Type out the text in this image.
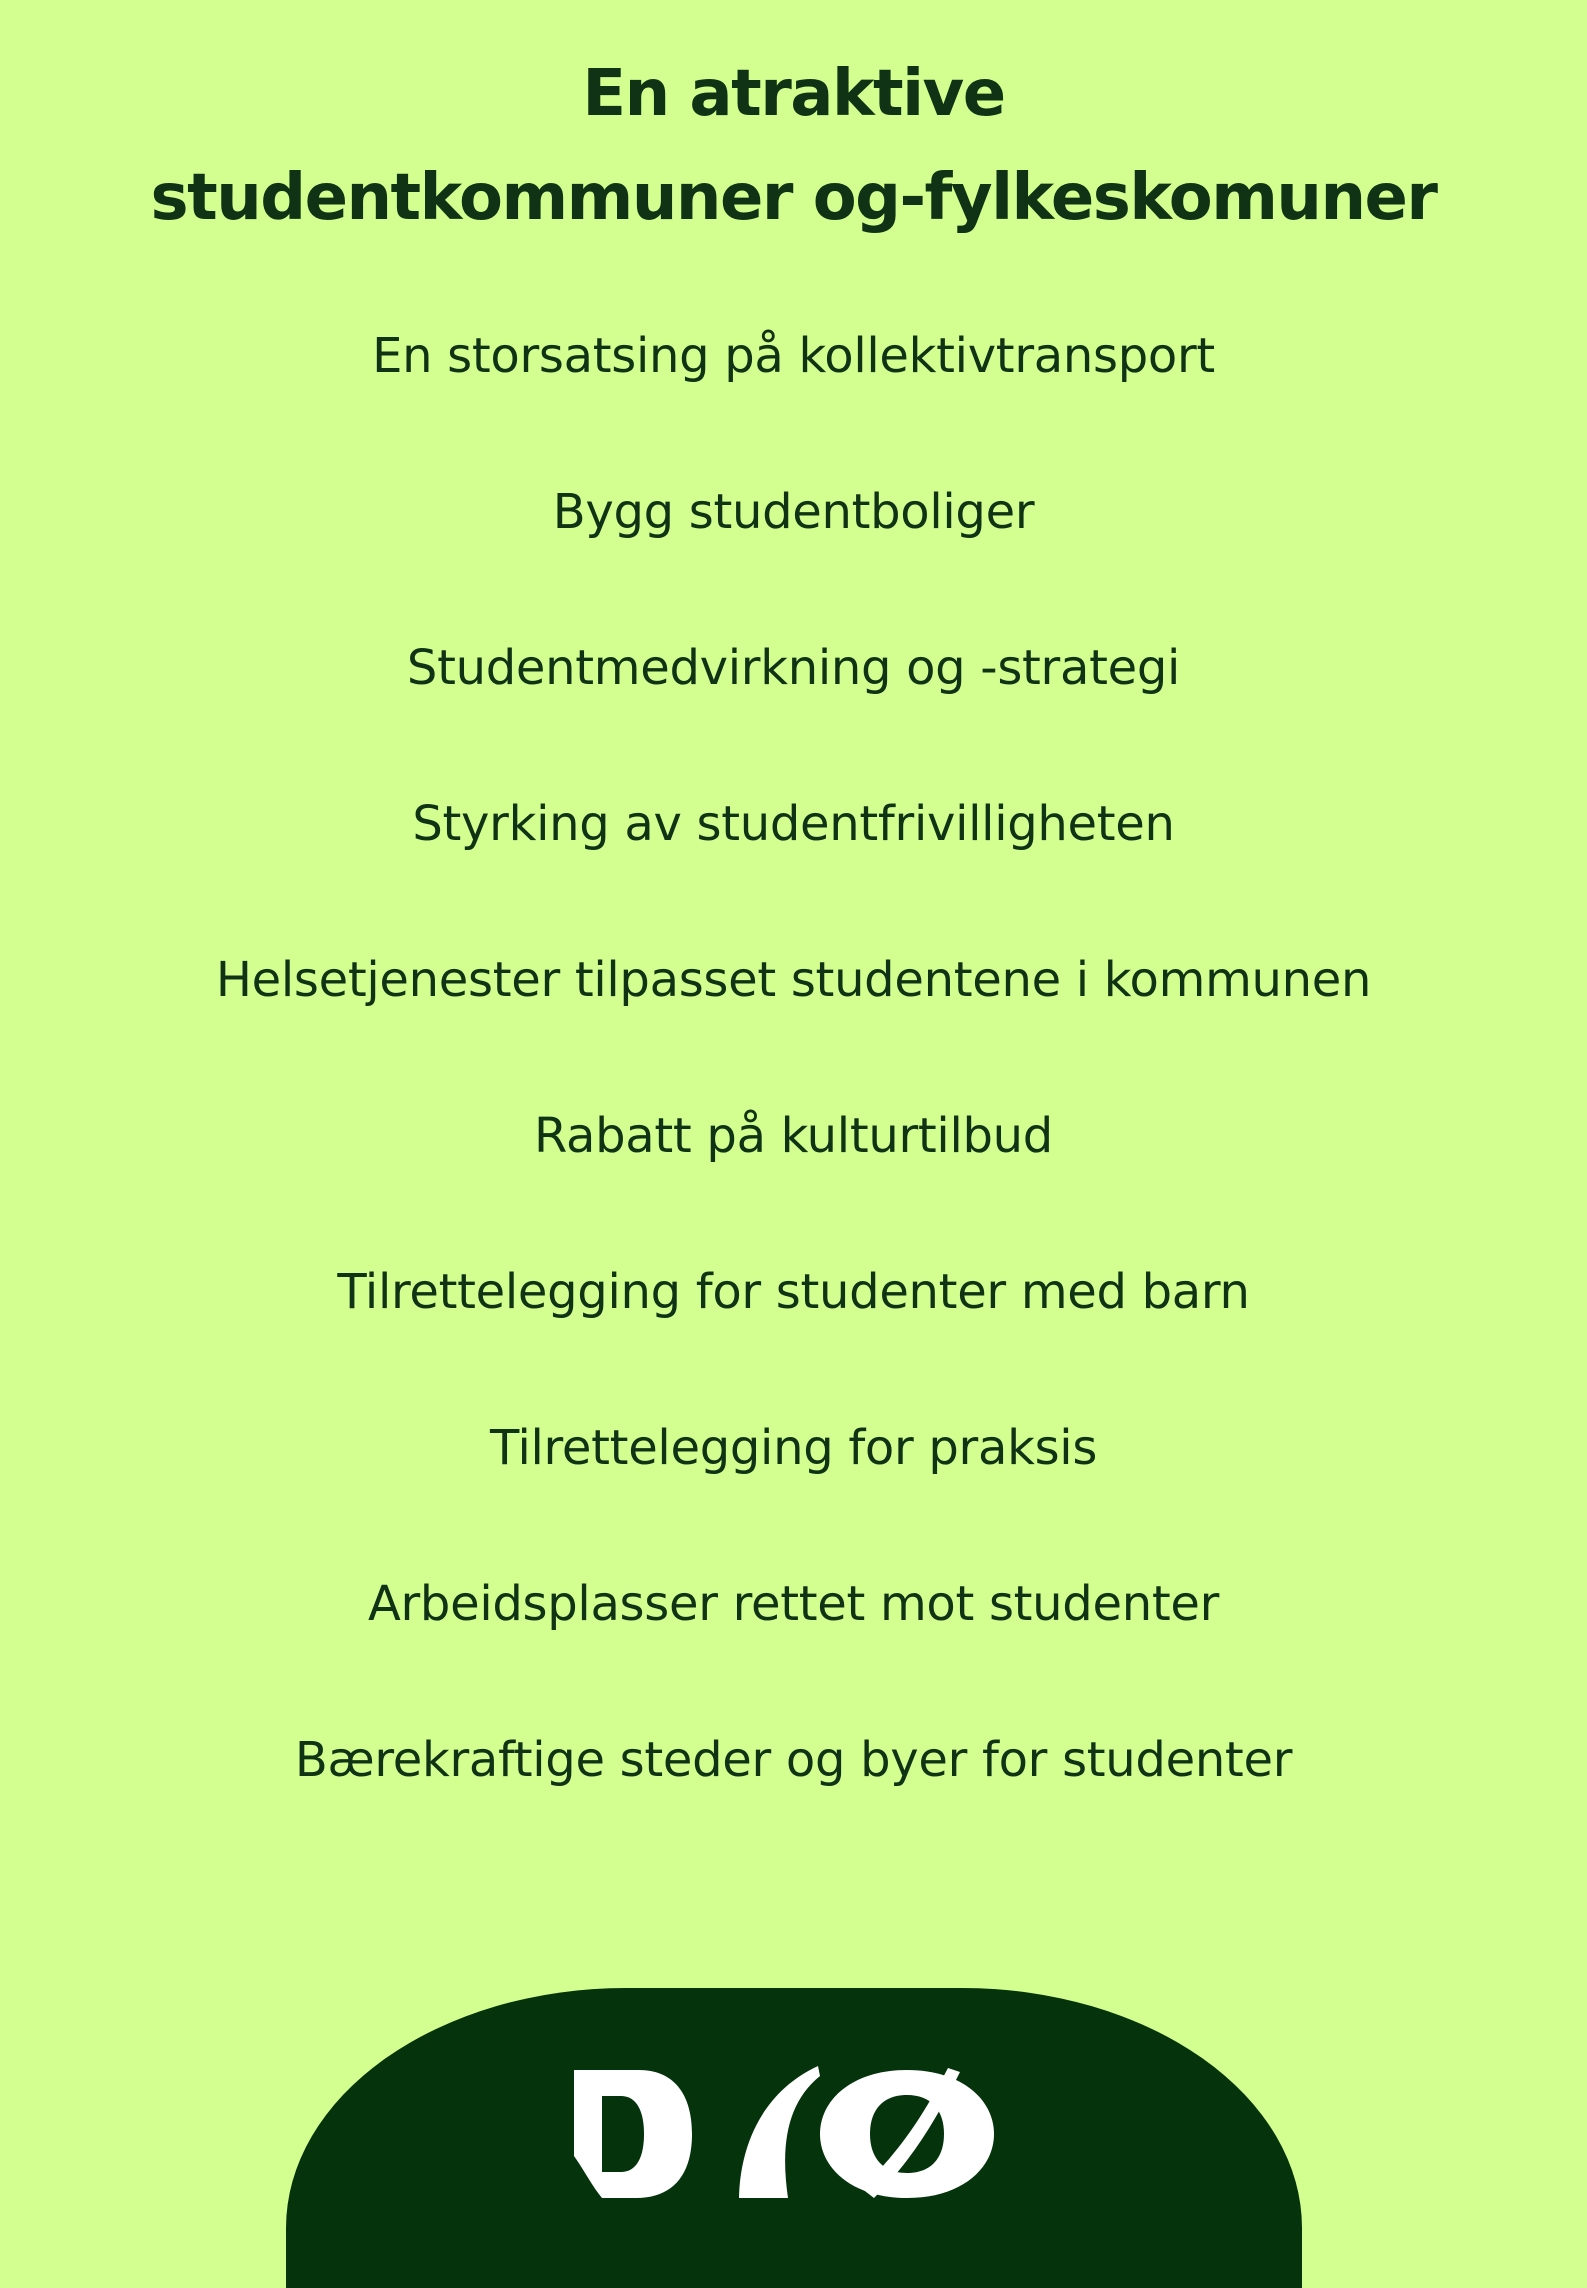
En atraktive
studentkommuner og-fylkeskomuner
En storsatsing på kollektivtransport
Bygg studentboliger
Studentmedvirkning og -strategi
Styrking av studentfrivilligheten
Helsetjenester tilpasset studentene i kommunen
Rabatt på kulturtilbud
Tilrettelegging for studenter med barn
Tilrettelegging for praksis
Arbeidsplasser rettet mot studenter
Bærekraftige steder og byer for studenter
